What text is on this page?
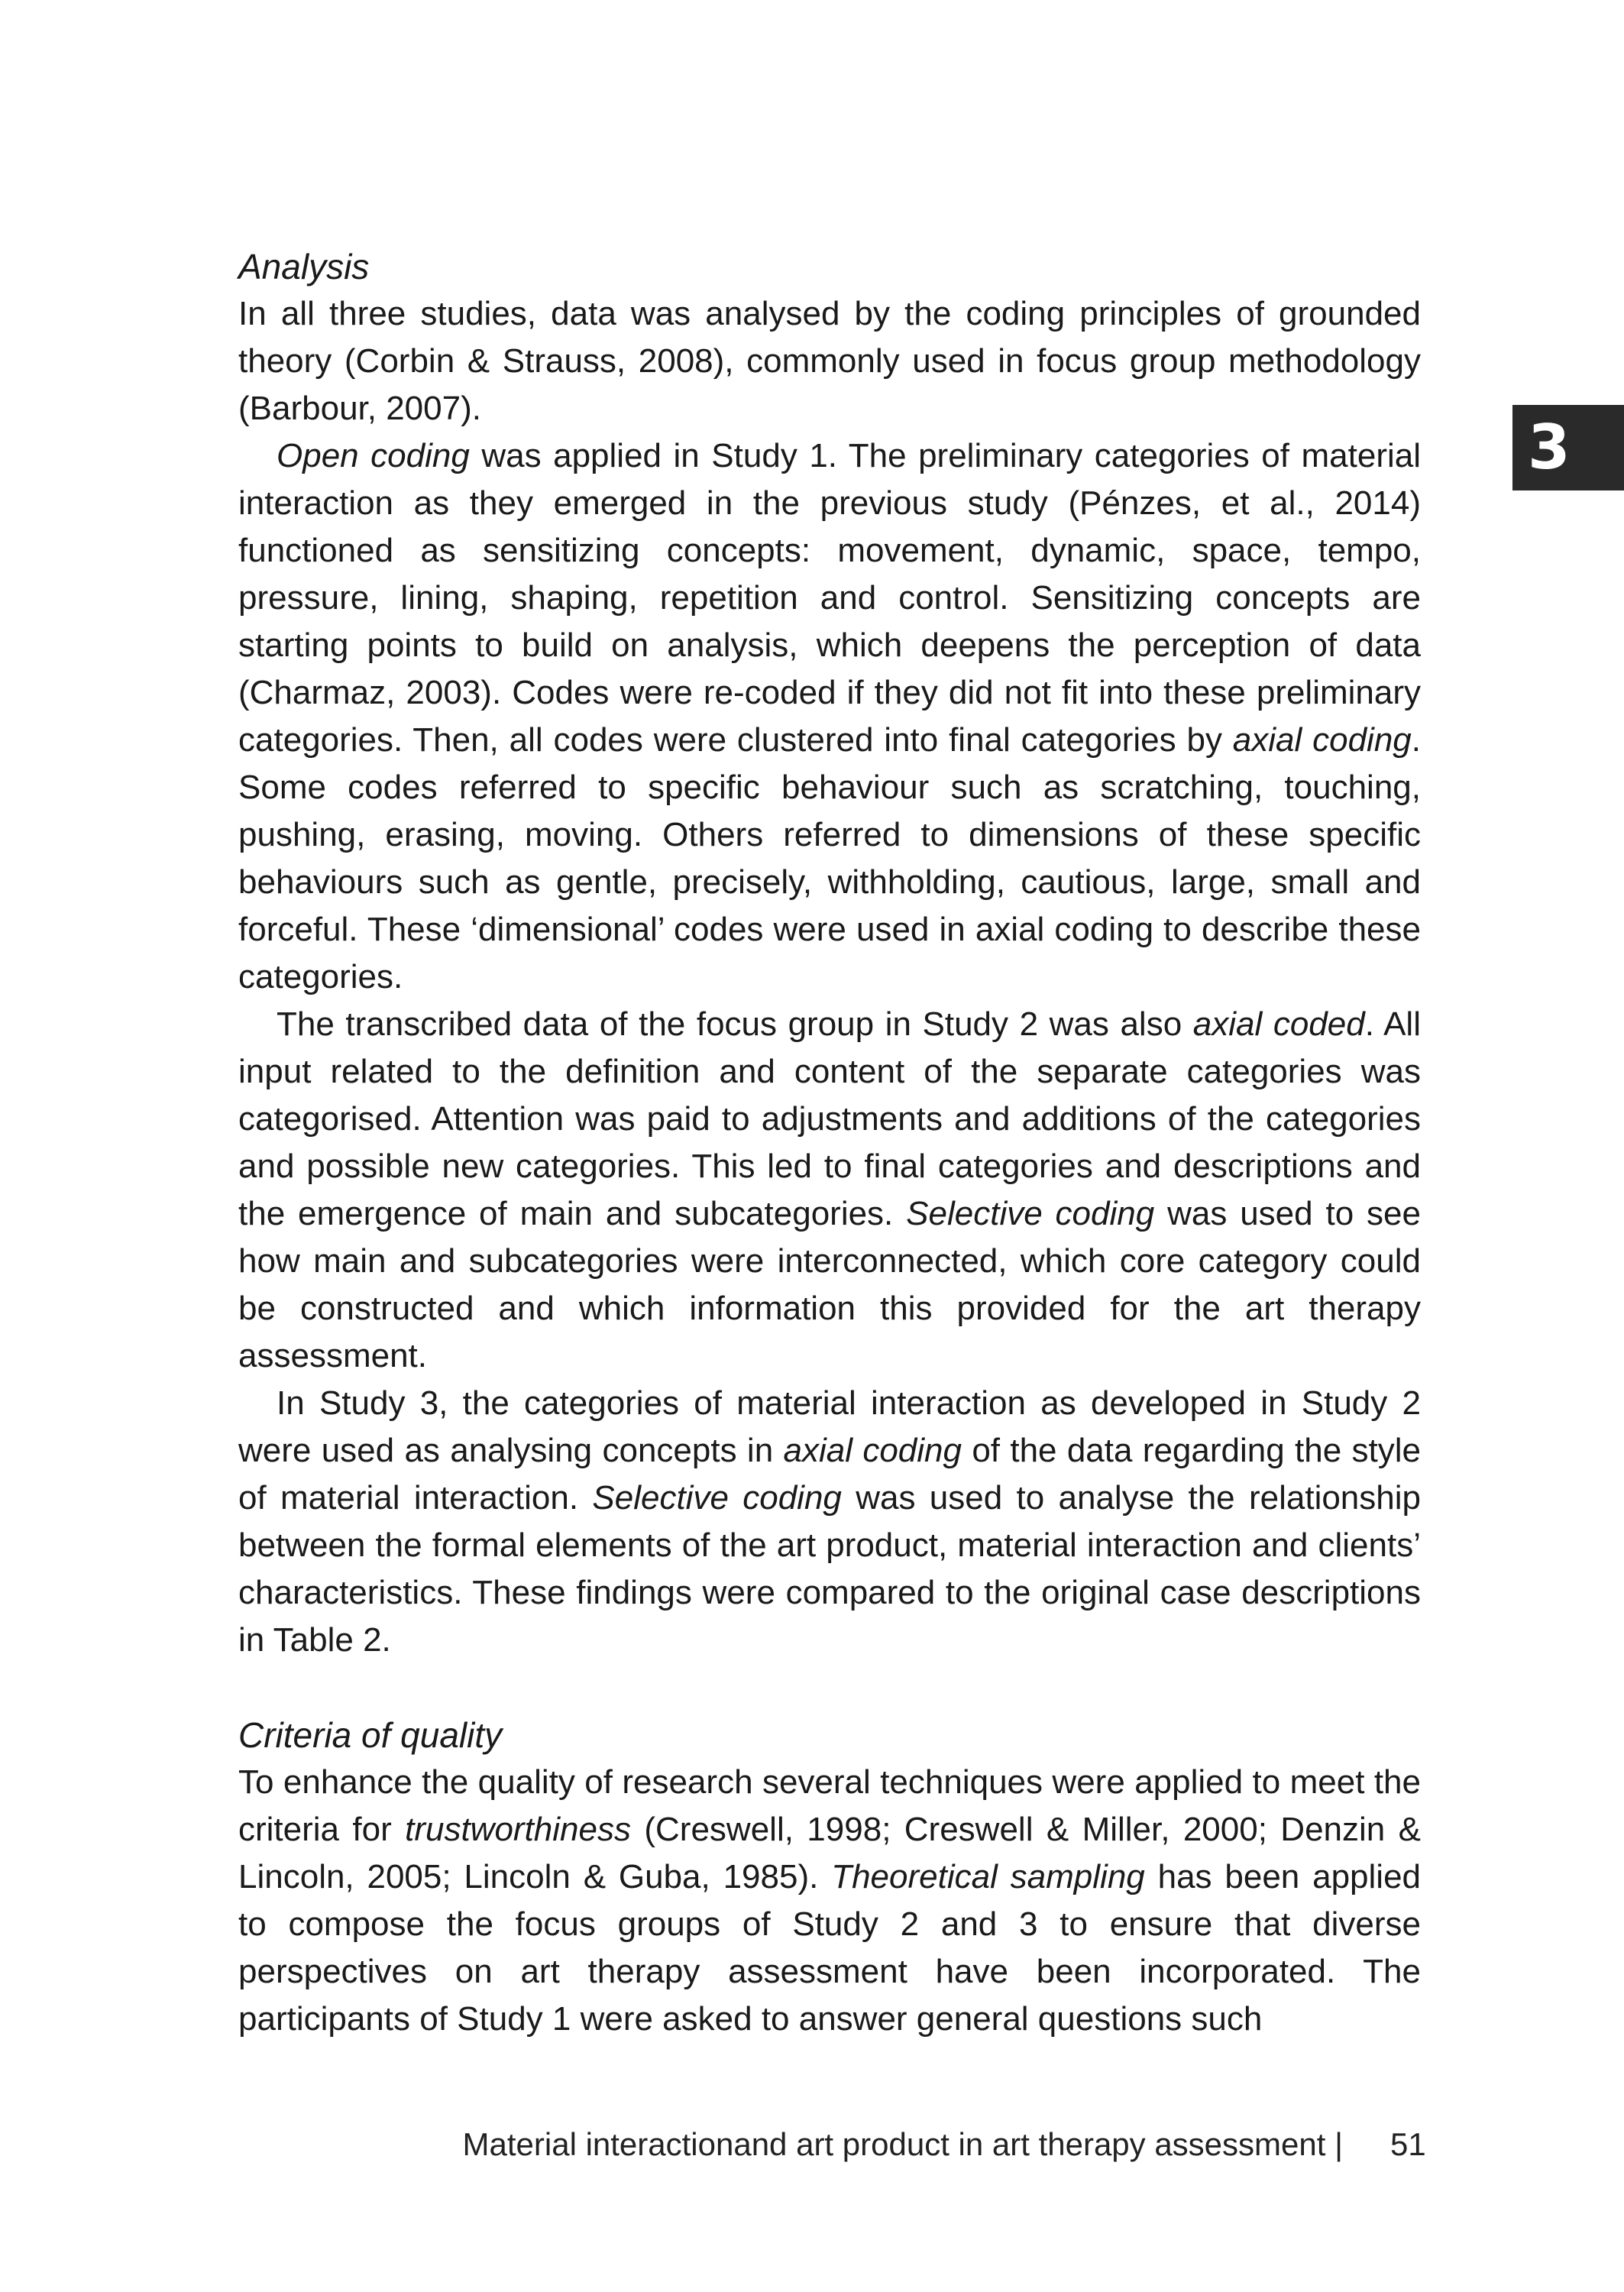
3
Analysis

In all three studies, data was analysed by the coding principles of grounded theory (Corbin & Strauss, 2008), commonly used in focus group methodology (Barbour, 2007).

Open coding was applied in Study 1. The preliminary categories of material interaction as they emerged in the previous study (Pénzes, et al., 2014) functioned as sensitizing concepts: movement, dynamic, space, tempo, pressure, lining, shaping, repetition and control. Sensitizing concepts are starting points to build on analysis, which deepens the perception of data (Charmaz, 2003). Codes were re-coded if they did not fit into these preliminary categories. Then, all codes were clustered into final categories by axial coding. Some codes referred to specific behaviour such as scratching, touching, pushing, erasing, moving. Others referred to dimensions of these specific behaviours such as gentle, precisely, withholding, cautious, large, small and forceful. These ‘dimensional’ codes were used in axial coding to describe these categories.

The transcribed data of the focus group in Study 2 was also axial coded. All input related to the definition and content of the separate categories was categorised. Attention was paid to adjustments and additions of the categories and possible new categories. This led to final categories and descriptions and the emergence of main and subcategories. Selective coding was used to see how main and subcategories were interconnected, which core category could be constructed and which information this provided for the art therapy assessment.

In Study 3, the categories of material interaction as developed in Study 2 were used as analysing concepts in axial coding of the data regarding the style of material interaction. Selective coding was used to analyse the relationship between the formal elements of the art product, material interaction and clients’ characteristics. These findings were compared to the original case descriptions in Table 2.

Criteria of quality

To enhance the quality of research several techniques were applied to meet the criteria for trustworthiness (Creswell, 1998; Creswell & Miller, 2000; Denzin & Lincoln, 2005; Lincoln & Guba, 1985). Theoretical sampling has been applied to compose the focus groups of Study 2 and 3 to ensure that diverse perspectives on art therapy assessment have been incorporated. The participants of Study 1 were asked to answer general questions such

Material interactionand art product in art therapy assessment | 51
